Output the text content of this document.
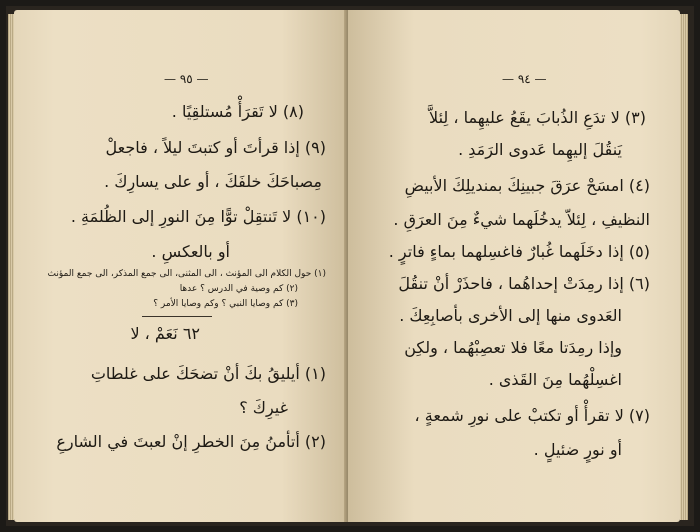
— ٩٥ —
(٨) لا تَقرَأْ مُستلقِيًا .
(٩) إذا قرأتَ أو كتبتَ ليلاً ، فاجعلْ
مِصباحَكَ خلفَكَ ، أو على يسارِكَ .
(١٠) لا تَنتقِلْ توًّا مِنَ النورِ إلى الظُلمَةِ .
أو بالعكسِ .
(١) حول الكلام الى المؤنث ، الى المثنى، الى جمع المذكر، الى جمع المؤنث
(٢) كم وصية في الدرس ؟ عدها
(٣) كم وصايا النبي ؟ وكم وصايا الأمر ؟
٦٢ نَعَمْ ، لا
(١) أيليقُ بكَ أنْ تضحَكَ على غلطاتِ
غيرِكَ ؟
(٢) أتأمنُ مِنَ الخطرِ إنْ لعبتَ في الشارعِ
— ٩٤ —
(٣) لا تدَعِ الذُبابَ يقَعُ عليهِما ، لِئلاَّ
يَنقُلَ إليهِما عَدوى الرَمَدِ .
(٤) امسَحْ عرَقَ جبينِكَ بمنديلِكَ الأبيضِ
النظيفِ ، لِئلاّ يدخُلَهما شيءٌ مِنَ العرَقِ .
(٥) إذا دخَلَهما غُبارٌ فاغسِلهما بماءٍ فاترٍ .
(٦) إذا رمِدَتْ إحداهُما ، فاحذَرْ أنْ تنقُلَ
العَدوى منها إلى الأخرى بأصابِعِكَ .
وإذا رمِدَتا معًا فلا تعصِبْهُما ، ولكِن
اغسِلْهُما مِنَ القَذى .
(٧) لا تقرأْ أو تكتبْ على نورِ شمعةٍ ،
أو نورٍ ضئيلٍ .
